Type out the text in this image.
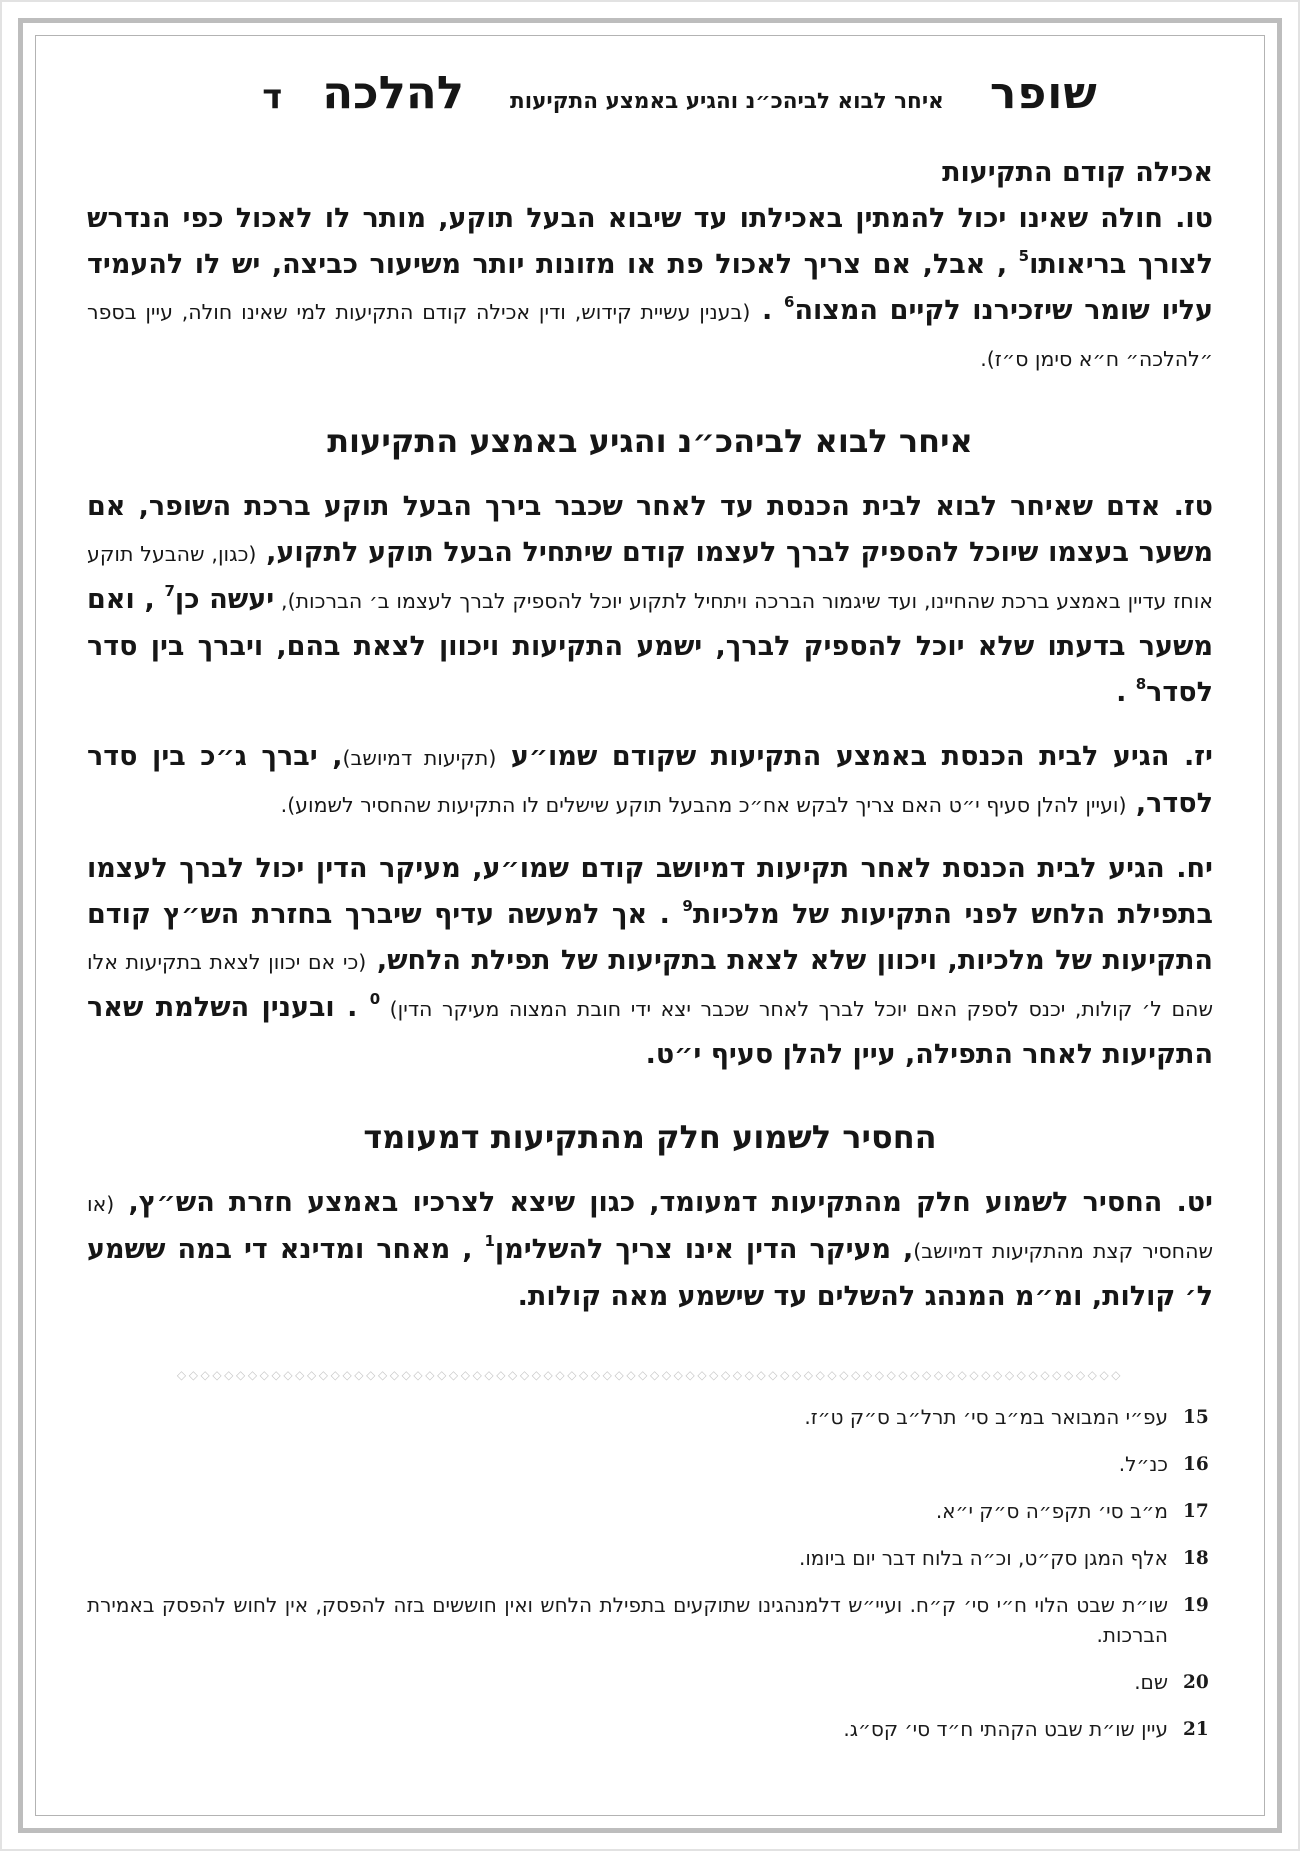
שופר
איחר לבוא לביהכ״נ והגיע באמצע התקיעות
להלכה
ד
אכילה קודם התקיעות

טו. חולה שאינו יכול להמתין באכילתו עד שיבוא הבעל תוקע, מותר לו לאכול כפי הנדרש לצורך בריאותו$^5$ , אבל, אם צריך לאכול פת או מזונות יותר משיעור כביצה, יש לו להעמיד עליו שומר שיזכירנו לקיים המצוה$^6$ . (בענין עשיית קידוש, ודין אכילה קודם התקיעות למי שאינו חולה, עיין בספר ״להלכה״ ח״א סימן ס״ז).

איחר לבוא לביהכ״נ והגיע באמצע התקיעות

טז. אדם שאיחר לבוא לבית הכנסת עד לאחר שכבר בירך הבעל תוקע ברכת השופר, אם משער בעצמו שיוכל להספיק לברך לעצמו קודם שיתחיל הבעל תוקע לתקוע, (כגון, שהבעל תוקע אוחז עדיין באמצע ברכת שהחיינו, ועד שיגמור הברכה ויתחיל לתקוע יוכל להספיק לברך לעצמו ב׳ הברכות), יעשה כן$^7$ , ואם משער בדעתו שלא יוכל להספיק לברך, ישמע התקיעות ויכוון לצאת בהם, ויברך בין סדר לסדר$^8$ .

יז. הגיע לבית הכנסת באמצע התקיעות שקודם שמו״ע (תקיעות דמיושב), יברך ג״כ בין סדר לסדר, (ועיין להלן סעיף י״ט האם צריך לבקש אח״כ מהבעל תוקע שישלים לו התקיעות שהחסיר לשמוע).

יח. הגיע לבית הכנסת לאחר תקיעות דמיושב קודם שמו״ע, מעיקר הדין יכול לברך לעצמו בתפילת הלחש לפני התקיעות של מלכיות$^9$ . אך למעשה עדיף שיברך בחזרת הש״ץ קודם התקיעות של מלכיות, ויכוון שלא לצאת בתקיעות של תפילת הלחש, (כי אם יכוון לצאת בתקיעות אלו שהם ל׳ קולות, יכנס לספק האם יוכל לברך לאחר שכבר יצא ידי חובת המצוה מעיקר הדין) $^0$ . ובענין השלמת שאר התקיעות לאחר התפילה, עיין להלן סעיף י״ט.

החסיר לשמוע חלק מהתקיעות דמעומד

יט. החסיר לשמוע חלק מהתקיעות דמעומד, כגון שיצא לצרכיו באמצע חזרת הש״ץ, (או שהחסיר קצת מהתקיעות דמיושב), מעיקר הדין אינו צריך להשלימן$^1$ , מאחר ומדינא די במה ששמע ל׳ קולות, ומ״מ המנהג להשלים עד שישמע מאה קולות.

◇◇◇◇◇◇◇◇◇◇◇◇◇◇◇◇◇◇◇◇◇◇◇◇◇◇◇◇◇◇◇◇◇◇◇◇◇◇◇◇◇◇◇◇◇◇◇◇◇◇◇◇◇◇◇◇◇◇◇◇◇◇◇◇◇◇◇◇◇◇◇◇◇◇◇◇◇◇◇◇
15
עפ״י המבואר במ״ב סי׳ תרל״ב ס״ק ט״ז.
16
כנ״ל.
17
מ״ב סי׳ תקפ״ה ס״ק י״א.
18
אלף המגן סק״ט, וכ״ה בלוח דבר יום ביומו.
19
שו״ת שבט הלוי ח״י סי׳ ק״ח. ועיי״ש דלמנהגינו שתוקעים בתפילת הלחש ואין חוששים בזה להפסק, אין לחוש להפסק באמירת הברכות.
20
שם.
21
עיין שו״ת שבט הקהתי ח״ד סי׳ קס״ג.
